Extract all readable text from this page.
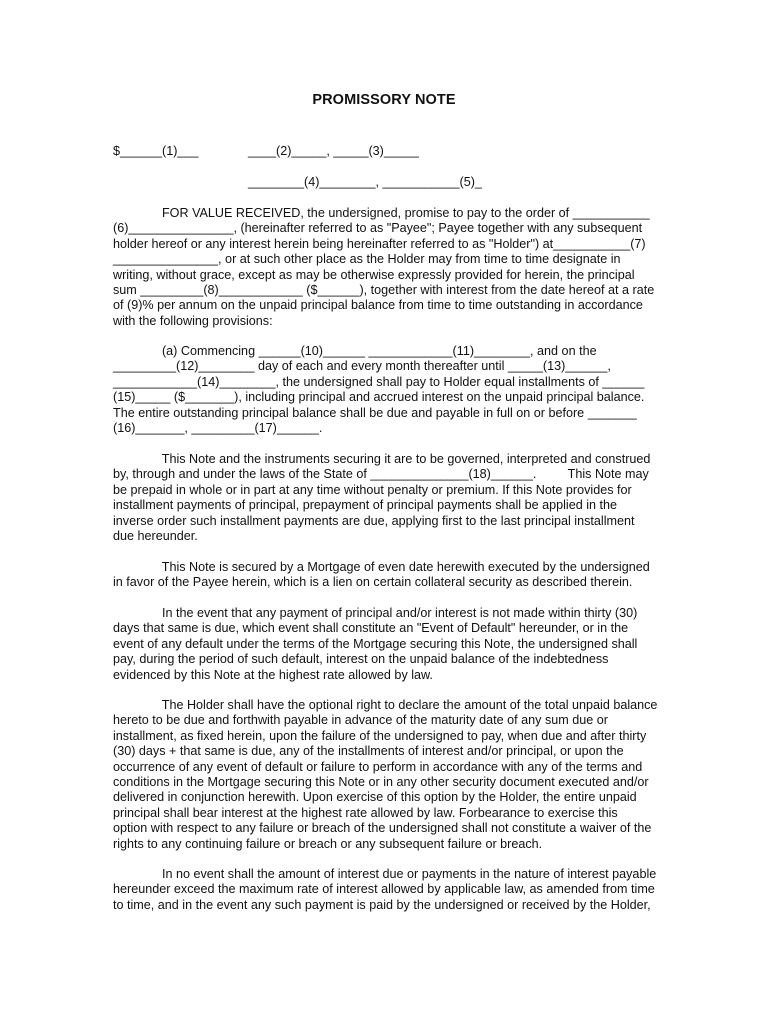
PROMISSORY NOTE
$______(1)___	____(2)_____, _____(3)_____
________(4)________, ___________(5)_
FOR VALUE RECEIVED, the undersigned, promise to pay to the order of ___________
(6)_______________, (hereinafter referred to as "Payee"; Payee together with any subsequent
holder hereof or any interest herein being hereinafter referred to as "Holder") at___________(7)
_______________, or at such other place as the Holder may from time to time designate in
writing, without grace, except as may be otherwise expressly provided for herein, the principal
sum _________(8)____________ ($______), together with interest from the date hereof at a rate
of (9)% per annum on the unpaid principal balance from time to time outstanding in accordance
with the following provisions:
(a) Commencing ______(10)______ ____________(11)________, and on the
_________(12)________ day of each and every month thereafter until _____(13)______,
____________(14)________, the undersigned shall pay to Holder equal installments of ______
(15)_____ ($_______), including principal and accrued interest on the unpaid principal balance.
The entire outstanding principal balance shall be due and payable in full on or before _______
(16)_______, _________(17)______.
This Note and the instruments securing it are to be governed, interpreted and construed
by, through and under the laws of the State of ______________(18)______.         This Note may
be prepaid in whole or in part at any time without penalty or premium. If this Note provides for
installment payments of principal, prepayment of principal payments shall be applied in the
inverse order such installment payments are due, applying first to the last principal installment
due hereunder.
This Note is secured by a Mortgage of even date herewith executed by the undersigned
in favor of the Payee herein, which is a lien on certain collateral security as described therein.
In the event that any payment of principal and/or interest is not made within thirty (30)
days that same is due, which event shall constitute an "Event of Default" hereunder, or in the
event of any default under the terms of the Mortgage securing this Note, the undersigned shall
pay, during the period of such default, interest on the unpaid balance of the indebtedness
evidenced by this Note at the highest rate allowed by law.
The Holder shall have the optional right to declare the amount of the total unpaid balance
hereto to be due and forthwith payable in advance of the maturity date of any sum due or
installment, as fixed herein, upon the failure of the undersigned to pay, when due and after thirty
(30) days + that same is due, any of the installments of interest and/or principal, or upon the
occurrence of any event of default or failure to perform in accordance with any of the terms and
conditions in the Mortgage securing this Note or in any other security document executed and/or
delivered in conjunction herewith. Upon exercise of this option by the Holder, the entire unpaid
principal shall bear interest at the highest rate allowed by law. Forbearance to exercise this
option with respect to any failure or breach of the undersigned shall not constitute a waiver of the
rights to any continuing failure or breach or any subsequent failure or breach.
In no event shall the amount of interest due or payments in the nature of interest payable
hereunder exceed the maximum rate of interest allowed by applicable law, as amended from time
to time, and in the event any such payment is paid by the undersigned or received by the Holder,
